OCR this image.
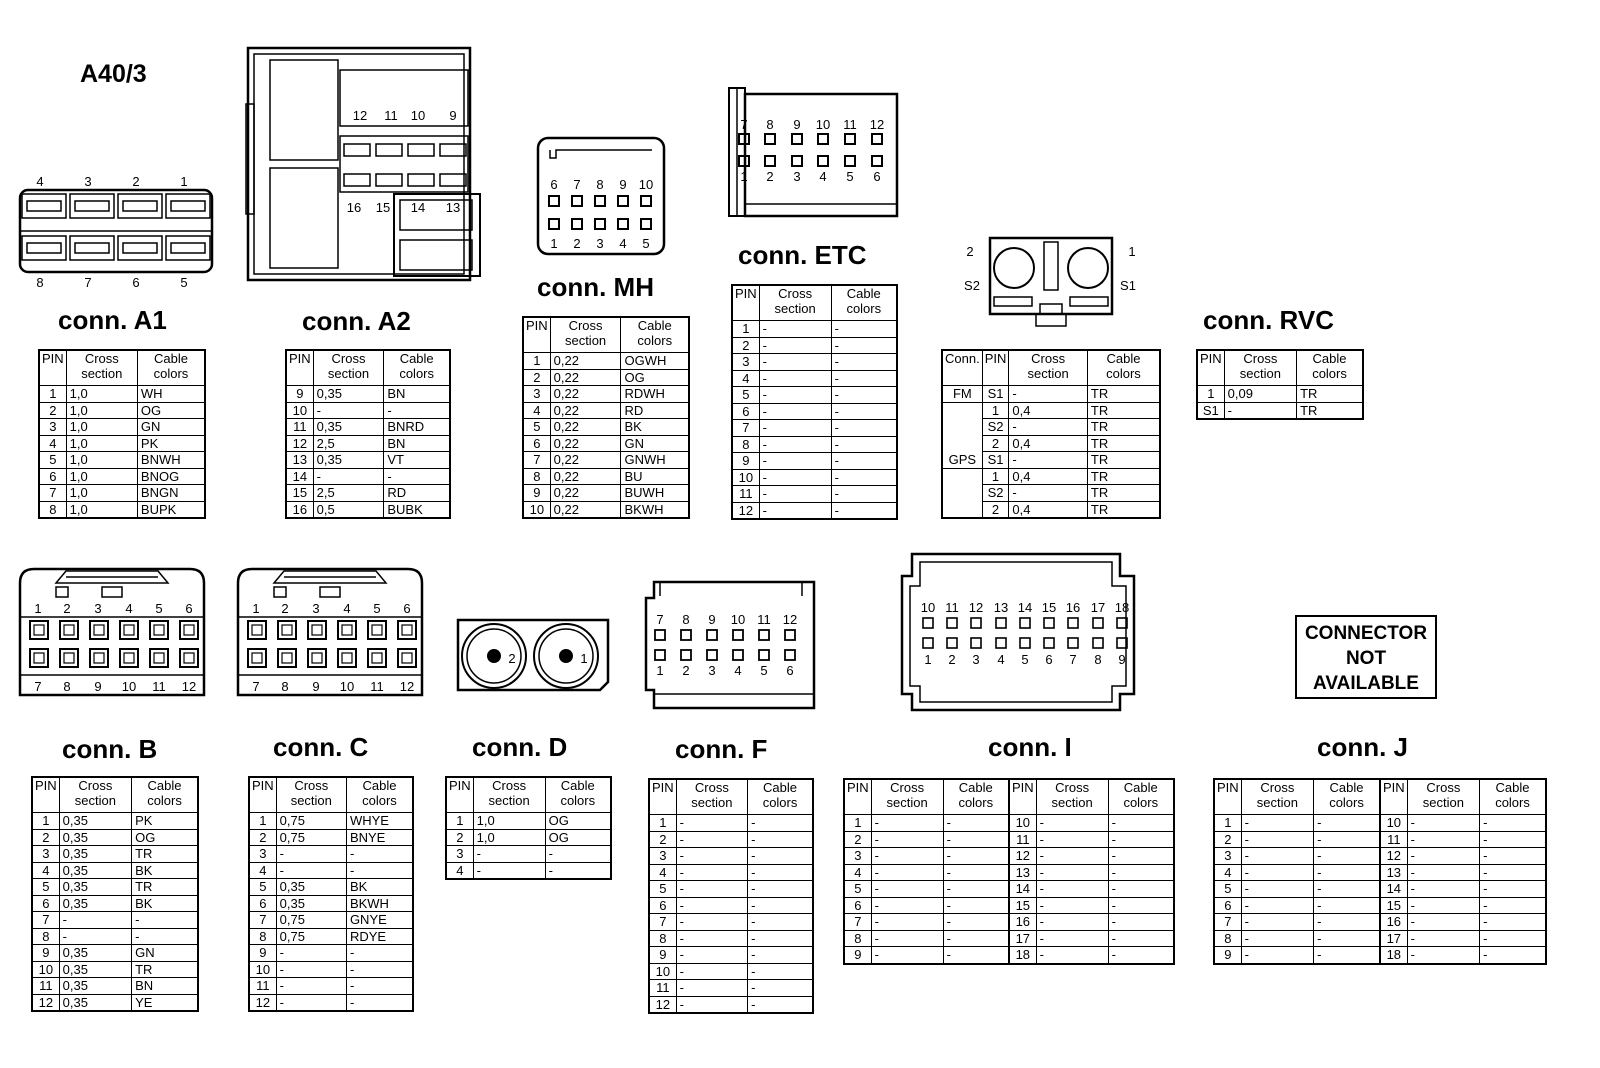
A40/3
conn. A1	conn. A2
conn. MH
conn. ETC
conn. RVC
conn. B	conn. C	conn. D	conn. F	conn. I	conn. J
4	3	2	1
8	7	6	5
12 11 10 9
16 15 14 13
6 7 8 9 10
1 2 3 4 5
7 8 9 10 11 12
1 2 3 4 5 6
2	1
S2	S1
1 2 3 4 5 6
7 8 9 10 11 12
1 2 3 4 5 6
7 8 9 10 11 12
2	1
7 8 9 10 11 12
1 2 3 4 5 6
10 11 12 13 14 15 16 17 18
1 2 3 4 5 6 7 8 9
CONNECTOR
NOT
AVAILABLE
PIN	Cross section	Cable colors
1	1,0	WH
2	1,0	OG
3	1,0	GN
4	1,0	PK
5	1,0	BNWH
6	1,0	BNOG
7	1,0	BNGN
8	1,0	BUPK
PIN	Cross section	Cable colors
9	0,35	BN
10	-	-
11	0,35	BNRD
12	2,5	BN
13	0,35	VT
14	-	-
15	2,5	RD
16	0,5	BUBK
PIN	Cross section	Cable colors
1	0,22	OGWH
2	0,22	OG
3	0,22	RDWH
4	0,22	RD
5	0,22	BK
6	0,22	GN
7	0,22	GNWH
8	0,22	BU
9	0,22	BUWH
10	0,22	BKWH
PIN	Cross section	Cable colors
1	-	-
2	-	-
3	-	-
4	-	-
5	-	-
6	-	-
7	-	-
8	-	-
9	-	-
10	-	-
11	-	-
12	-	-
Conn.	PIN	Cross section	Cable colors
FM	S1	-	TR
	1	0,4	TR
	S2	-	TR
	2	0,4	TR
GPS	S1	-	TR
	1	0,4	TR
	S2	-	TR
	2	0,4	TR
PIN	Cross section	Cable colors
1	0,09	TR
S1	-	TR
PIN	Cross section	Cable colors
1	0,35	PK
2	0,35	OG
3	0,35	TR
4	0,35	BK
5	0,35	TR
6	0,35	BK
7	-	-
8	-	-
9	0,35	GN
10	0,35	TR
11	0,35	BN
12	0,35	YE
PIN	Cross section	Cable colors
1	0,75	WHYE
2	0,75	BNYE
3	-	-
4	-	-
5	0,35	BK
6	0,35	BKWH
7	0,75	GNYE
8	0,75	RDYE
9	-	-
10	-	-
11	-	-
12	-	-
PIN	Cross section	Cable colors
1	1,0	OG
2	1,0	OG
3	-	-
4	-	-
PIN	Cross section	Cable colors
1	-	-
2	-	-
3	-	-
4	-	-
5	-	-
6	-	-
7	-	-
8	-	-
9	-	-
10	-	-
11	-	-
12	-	-
PIN	Cross section	Cable colors	PIN	Cross section	Cable colors
1	-	-	10	-	-
2	-	-	11	-	-
3	-	-	12	-	-
4	-	-	13	-	-
5	-	-	14	-	-
6	-	-	15	-	-
7	-	-	16	-	-
8	-	-	17	-	-
9	-	-	18	-	-
PIN	Cross section	Cable colors	PIN	Cross section	Cable colors
1	-	-	10	-	-
2	-	-	11	-	-
3	-	-	12	-	-
4	-	-	13	-	-
5	-	-	14	-	-
6	-	-	15	-	-
7	-	-	16	-	-
8	-	-	17	-	-
9	-	-	18	-	-
